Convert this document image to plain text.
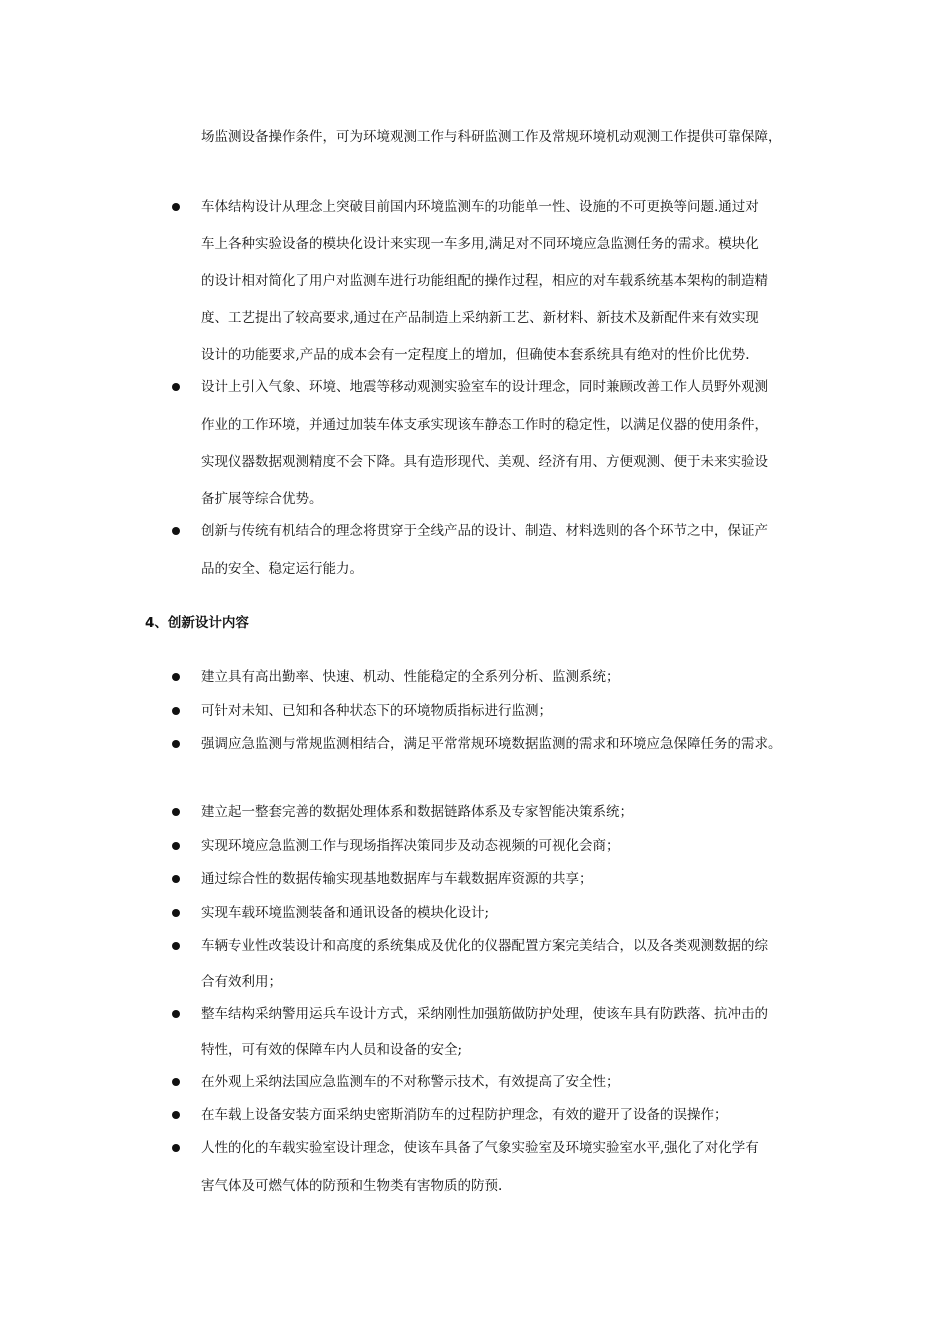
场监测设备操作条件，可为环境观测工作与科研监测工作及常规环境机动观测工作提供可靠保障，
车体结构设计从理念上突破目前国内环境监测车的功能单一性、设施的不可更换等问题.通过对
车上各种实验设备的模块化设计来实现一车多用,满足对不同环境应急监测任务的需求。模块化
的设计相对简化了用户对监测车进行功能组配的操作过程，相应的对车载系统基本架构的制造精
度、工艺提出了较高要求,通过在产品制造上采纳新工艺、新材料、新技术及新配件来有效实现
设计的功能要求,产品的成本会有一定程度上的增加，但确使本套系统具有绝对的性价比优势.
设计上引入气象、环境、地震等移动观测实验室车的设计理念，同时兼顾改善工作人员野外观测
作业的工作环境，并通过加装车体支承实现该车静态工作时的稳定性，以满足仪器的使用条件，
实现仪器数据观测精度不会下降。具有造形现代、美观、经济有用、方便观测、便于未来实验设
备扩展等综合优势。
创新与传统有机结合的理念将贯穿于全线产品的设计、制造、材料选则的各个环节之中，保证产
品的安全、稳定运行能力。
4、创新设计内容
建立具有高出勤率、快速、机动、性能稳定的全系列分析、监测系统；
可针对未知、已知和各种状态下的环境物质指标进行监测；
强调应急监测与常规监测相结合，满足平常常规环境数据监测的需求和环境应急保障任务的需求。
建立起一整套完善的数据处理体系和数据链路体系及专家智能决策系统；
实现环境应急监测工作与现场指挥决策同步及动态视频的可视化会商；
通过综合性的数据传输实现基地数据库与车载数据库资源的共享；
实现车载环境监测装备和通讯设备的模块化设计;
车辆专业性改装设计和高度的系统集成及优化的仪器配置方案完美结合，以及各类观测数据的综
合有效利用；
整车结构采纳警用运兵车设计方式，采纳刚性加强筋做防护处理，使该车具有防跌落、抗冲击的
特性，可有效的保障车内人员和设备的安全;
在外观上采纳法国应急监测车的不对称警示技术，有效提高了安全性；
在车载上设备安装方面采纳史密斯消防车的过程防护理念，有效的避开了设备的误操作；
人性的化的车载实验室设计理念，使该车具备了气象实验室及环境实验室水平,强化了对化学有
害气体及可燃气体的防预和生物类有害物质的防预.
